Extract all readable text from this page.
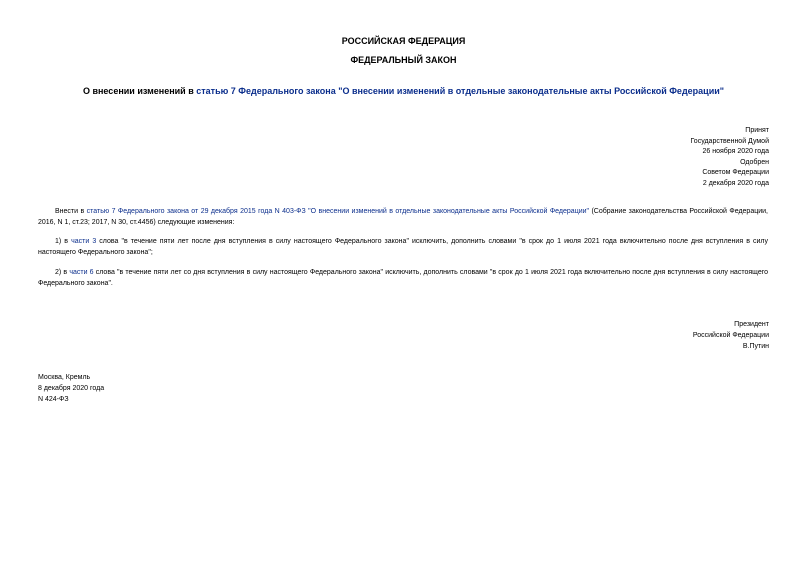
РОССИЙСКАЯ ФЕДЕРАЦИЯ
ФЕДЕРАЛЬНЫЙ ЗАКОН
О внесении изменений в статью 7 Федерального закона "О внесении изменений в отдельные законодательные акты Российской Федерации"
Принят
Государственной Думой
26 ноября 2020 года
Одобрен
Советом Федерации
2 декабря 2020 года
Внести в статью 7 Федерального закона от 29 декабря 2015 года N 403-ФЗ "О внесении изменений в отдельные законодательные акты Российской Федерации" (Собрание законодательства Российской Федерации, 2016, N 1, ст.23; 2017, N 30, ст.4456) следующие изменения:
1) в части 3 слова "в течение пяти лет после дня вступления в силу настоящего Федерального закона" исключить, дополнить словами "в срок до 1 июля 2021 года включительно после дня вступления в силу настоящего Федерального закона";
2) в части 6 слова "в течение пяти лет со дня вступления в силу настоящего Федерального закона" исключить, дополнить словами "в срок до 1 июля 2021 года включительно после дня вступления в силу настоящего Федерального закона".
Президент
Российской Федерации
В.Путин
Москва, Кремль
8 декабря 2020 года
N 424-ФЗ
